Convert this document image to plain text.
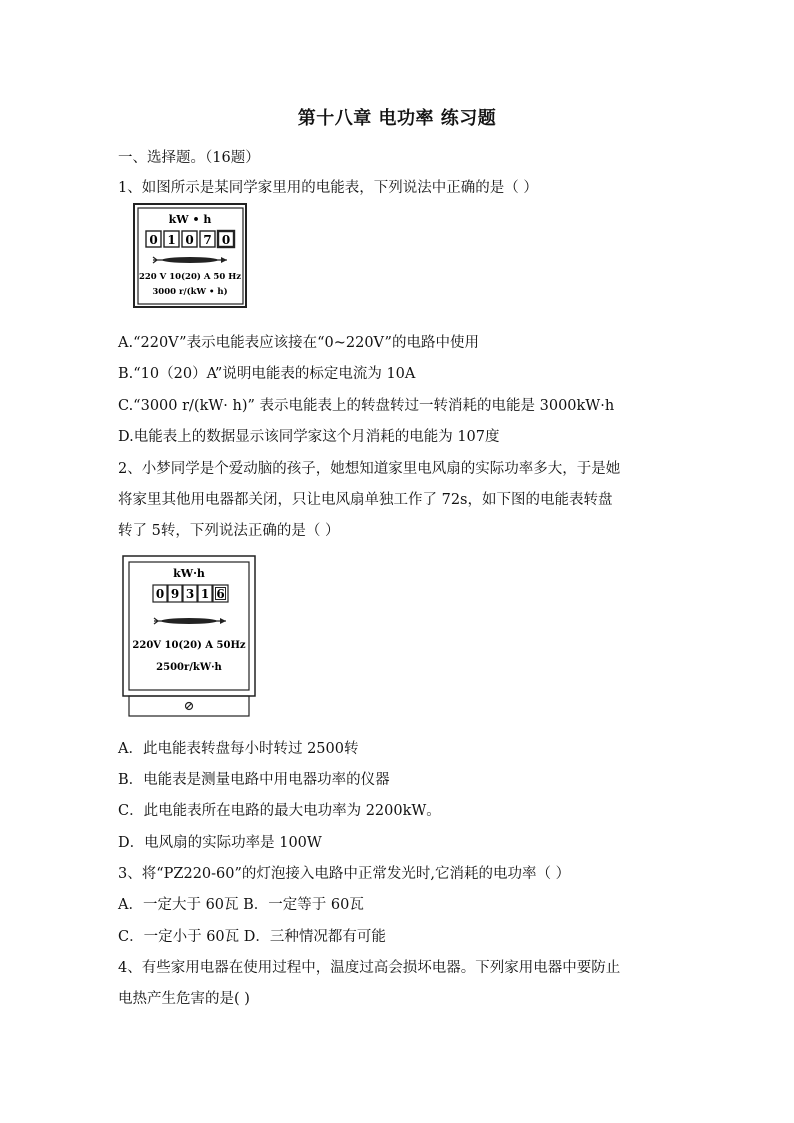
第十八章 电功率 练习题
一、选择题。（16题）
1、如图所示是某同学家里用的电能表，下列说法中正确的是（ ）
kW • h
0 1 0 7 0
220 V 10(20) A 50 Hz
3000 r/(kW • h)
A.“220V”表示电能表应该接在“0~220V”的电路中使用
B.“10（20）A”说明电能表的标定电流为 10A
C.“3000 r/(kW· h)” 表示电能表上的转盘转过一转消耗的电能是 3000kW·h
D.电能表上的数据显示该同学家这个月消耗的电能为 107度
2、小梦同学是个爱动脑的孩子，她想知道家里电风扇的实际功率多大，于是她
将家里其他用电器都关闭，只让电风扇单独工作了 72s，如下图的电能表转盘
转了 5转，下列说法正确的是（ ）
kW·h
0 9 3 1 6
220V 10(20) A 50Hz
2500r/kW·h
A．此电能表转盘每小时转过 2500转
B．电能表是测量电路中用电器功率的仪器
C．此电能表所在电路的最大电功率为 2200kW。
D．电风扇的实际功率是 100W
3、将“PZ220-60”的灯泡接入电路中正常发光时,它消耗的电功率（ ）
A．一定大于 60瓦 B．一定等于 60瓦
C．一定小于 60瓦 D．三种情况都有可能
4、有些家用电器在使用过程中，温度过高会损坏电器。下列家用电器中要防止
电热产生危害的是( )
